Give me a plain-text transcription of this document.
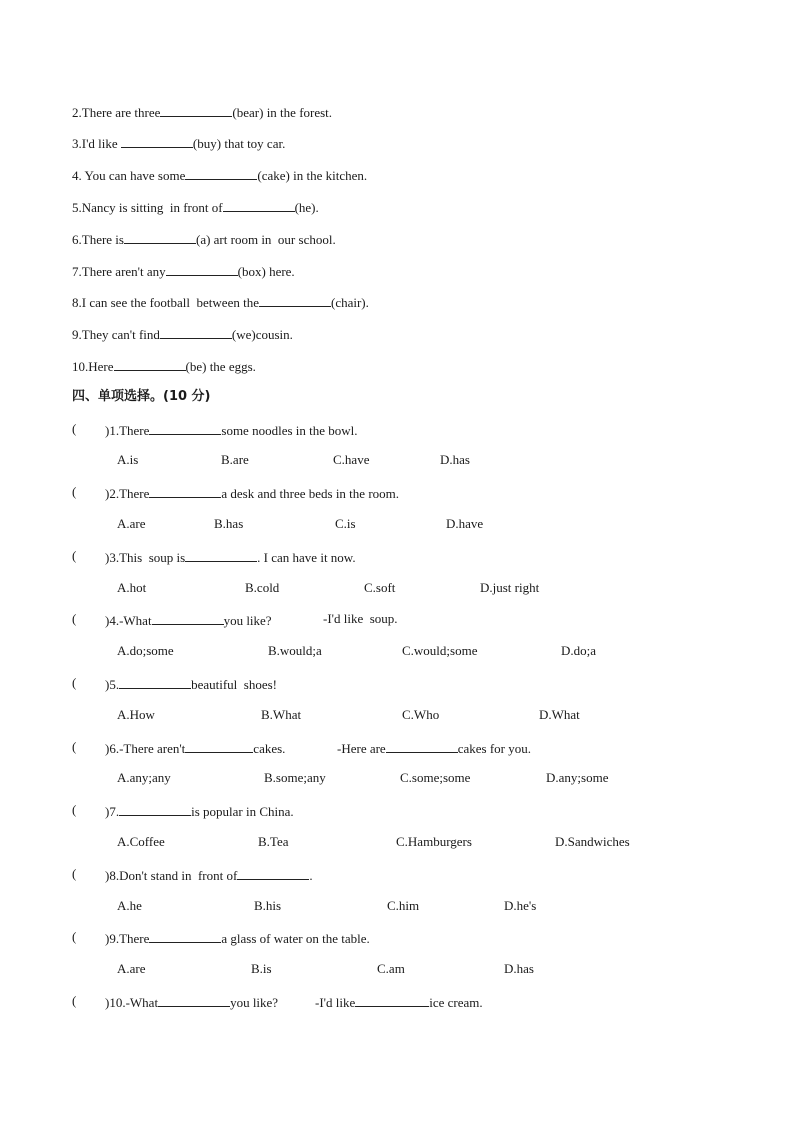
2.There are three	(bear) in the forest.
3.I'd like	(buy) that toy car.
4. You can have some	(cake) in the kitchen.
5.Nancy is sitting  in front of	(he).
6.There is	(a) art room in  our school.
7.There aren't any	(box) here.
8.I can see the football  between the	(chair).
9.They can't find	(we)cousin.
10.Here	(be) the eggs.
四、单项选择。(10 分)
( )1.There	some noodles in the bowl.
A.is	B.are	C.have	D.has
( )2.There	a desk and three beds in the room.
A.are	B.has	C.is	D.have
( )3.This  soup is	. I can have it now.
A.hot	B.cold	C.soft	D.just right
( )4.-What	you like?	-I'd like  soup.
A.do;some	B.would;a	C.would;some	D.do;a
( )5.	beautiful  shoes!
A.How	B.What	C.Who	D.What
( )6.-There aren't	cakes.	-Here are	cakes for you.
A.any;any	B.some;any	C.some;some	D.any;some
( )7.	is popular in China.
A.Coffee	B.Tea	C.Hamburgers	D.Sandwiches
( )8.Don't stand in  front of	.
A.he	B.his	C.him	D.he's
( )9.There	a glass of water on the table.
A.are	B.is	C.am	D.has
( )10.-What	you like?	-I'd like	ice cream.
